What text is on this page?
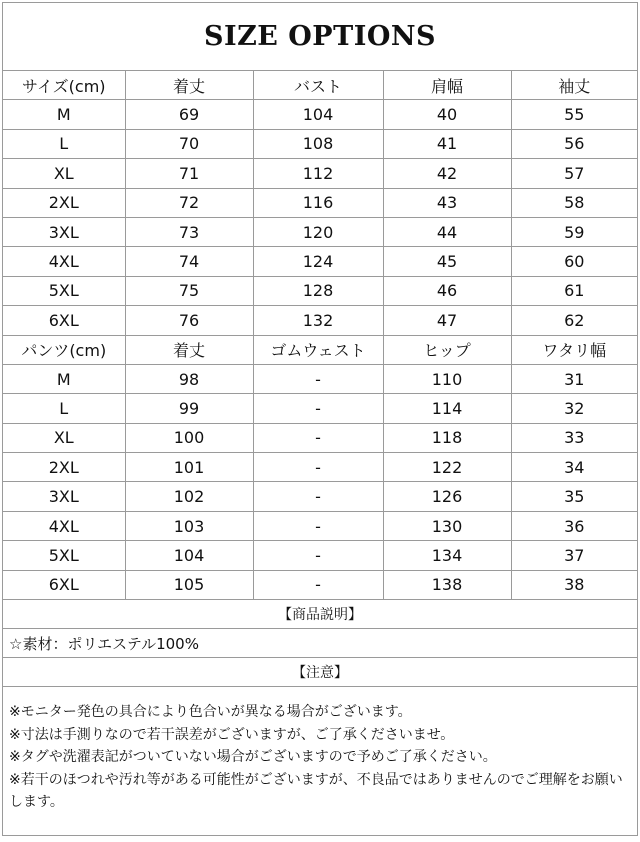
SIZE OPTIONS
サイズ(cm)	着丈	バスト	肩幅	袖丈
M	69	104	40	55
L	70	108	41	56
XL	71	112	42	57
2XL	72	116	43	58
3XL	73	120	44	59
4XL	74	124	45	60
5XL	75	128	46	61
6XL	76	132	47	62
パンツ(cm)	着丈	ゴムウェスト	ヒップ	ワタリ幅
M	98	-	110	31
L	99	-	114	32
XL	100	-	118	33
2XL	101	-	122	34
3XL	102	-	126	35
4XL	103	-	130	36
5XL	104	-	134	37
6XL	105	-	138	38
【商品説明】
☆素材：ポリエステル100%
【注意】

※モニター発色の具合により色合いが異なる場合がございます。

※寸法は手測りなので若干誤差がございますが、ご了承くださいませ。

※タグや洗濯表記がついていない場合がございますので予めご了承ください。

※若干のほつれや汚れ等がある可能性がございますが、不良品ではありませんのでご理解をお願いします。
